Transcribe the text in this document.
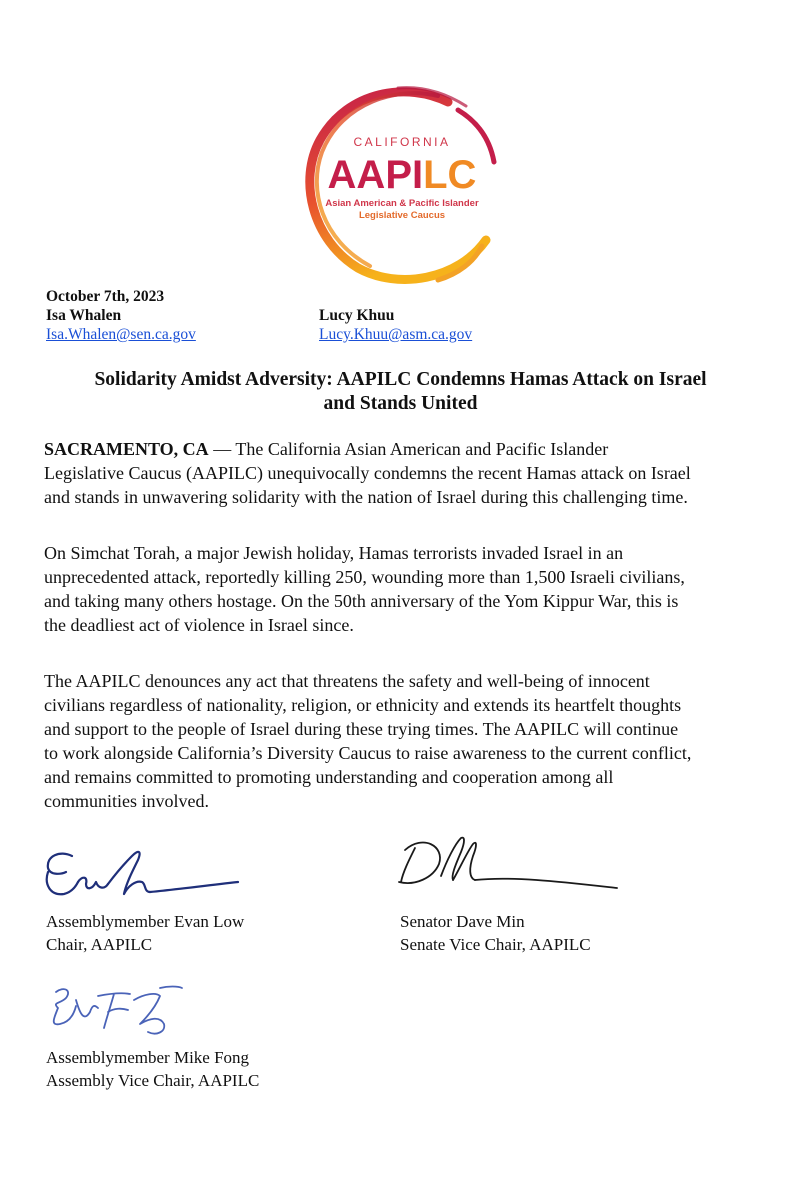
CALIFORNIA
AAPILC
Asian American & Pacific Islander
Legislative Caucus
October 7th, 2023
Isa Whalen
Isa.Whalen@sen.ca.gov
Lucy Khuu
Lucy.Khuu@asm.ca.gov
Solidarity Amidst Adversity: AAPILC Condemns Hamas Attack on Israel
and Stands United
SACRAMENTO, CA — The California Asian American and Pacific Islander
Legislative Caucus (AAPILC) unequivocally condemns the recent Hamas attack on Israel
and stands in unwavering solidarity with the nation of Israel during this challenging time.
On Simchat Torah, a major Jewish holiday, Hamas terrorists invaded Israel in an
unprecedented attack, reportedly killing 250, wounding more than 1,500 Israeli civilians,
and taking many others hostage. On the 50th anniversary of the Yom Kippur War, this is
the deadliest act of violence in Israel since.
The AAPILC denounces any act that threatens the safety and well-being of innocent
civilians regardless of nationality, religion, or ethnicity and extends its heartfelt thoughts
and support to the people of Israel during these trying times. The AAPILC will continue
to work alongside California’s Diversity Caucus to raise awareness to the current conflict,
and remains committed to promoting understanding and cooperation among all
communities involved.
Assemblymember Evan Low
Chair, AAPILC
Senator Dave Min
Senate Vice Chair, AAPILC
Assemblymember Mike Fong
Assembly Vice Chair, AAPILC
